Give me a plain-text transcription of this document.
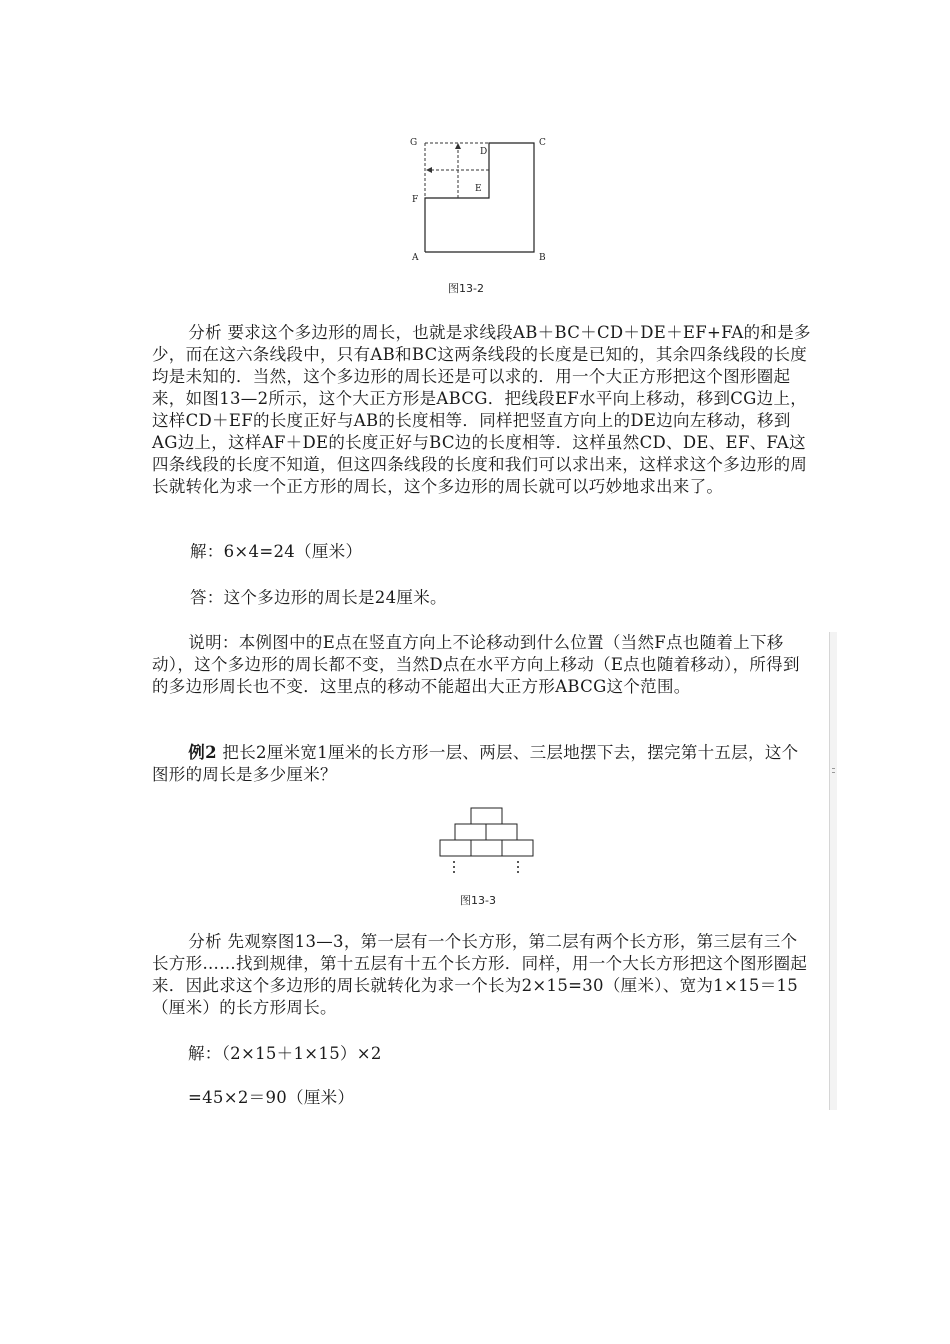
G	C
D
E
F
A	B
图13-2

分析 要求这个多边形的周长，也就是求线段AB＋BC＋CD＋DE＋EF+FA的和是多少，而在这六条线段中，只有AB和BC这两条线段的长度是已知的，其余四条线段的长度均是未知的．当然，这个多边形的周长还是可以求的．用一个大正方形把这个图形圈起来，如图13—2所示，这个大正方形是ABCG．把线段EF水平向上移动，移到CG边上，这样CD＋EF的长度正好与AB的长度相等．同样把竖直方向上的DE边向左移动，移到AG边上，这样AF＋DE的长度正好与BC边的长度相等．这样虽然CD、DE、EF、FA这四条线段的长度不知道，但这四条线段的长度和我们可以求出来，这样求这个多边形的周长就转化为求一个正方形的周长，这个多边形的周长就可以巧妙地求出来了。

解：6×4=24（厘米）

答：这个多边形的周长是24厘米。

说明：本例图中的E点在竖直方向上不论移动到什么位置（当然F点也随着上下移动），这个多边形的周长都不变，当然D点在水平方向上移动（E点也随着移动），所得到的多边形周长也不变．这里点的移动不能超出大正方形ABCG这个范围。

例2 把长2厘米宽1厘米的长方形一层、两层、三层地摆下去，摆完第十五层，这个图形的周长是多少厘米？

图13-3

分析 先观察图13—3，第一层有一个长方形，第二层有两个长方形，第三层有三个长方形……找到规律，第十五层有十五个长方形．同样，用一个大长方形把这个图形圈起来．因此求这个多边形的周长就转化为求一个长为2×15=30（厘米）、宽为1×15＝15（厘米）的长方形周长。

解：（2×15＋1×15）×2

=45×2＝90（厘米）
